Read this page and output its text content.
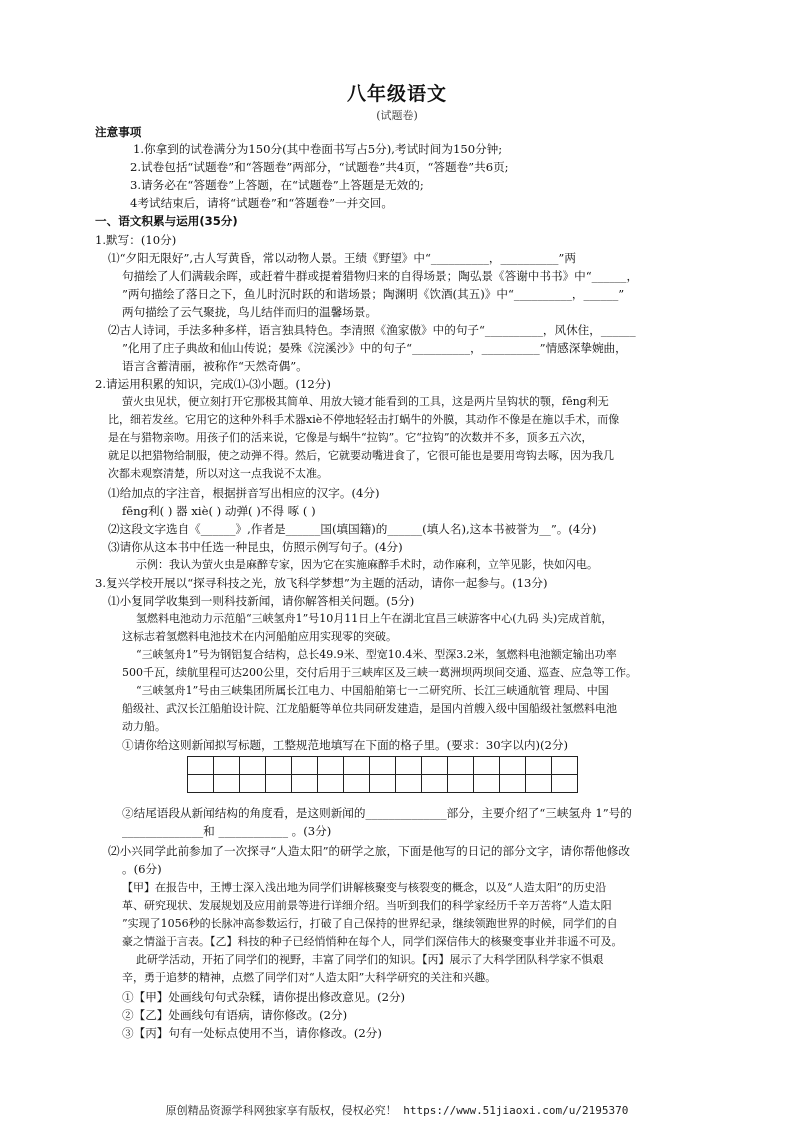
八年级语文
(试题卷)
注意事项
1.你拿到的试卷满分为150分(其中卷面书写占5分),考试时间为150分钟;
2.试卷包括“试题卷”和“答题卷”两部分，“试题卷”共4页，“答题卷”共6页;
3.请务必在“答题卷”上答题，在“试题卷”上答题是无效的;
4考试结束后，请将“试题卷”和“答题卷”一并交回。
一、语文积累与运用(35分)
1.默写：(10分)
⑴“夕阳无限好”,古人写黄昏，常以动物人景。王绩《野望》中“__________，__________”两
句描绘了人们满载余晖，或赶着牛群或提着猎物归来的自得场景；陶弘景《答谢中书书》中“______，
”两句描绘了落日之下，鱼儿时沉时跃的和谐场景；陶渊明《饮酒(其五)》中“__________，______”
两句描绘了云气聚拢，鸟儿结伴而归的温馨场景。
⑵古人诗词，手法多种多样，语言独具特色。李清照《渔家傲》中的句子“__________，风休住，______
”化用了庄子典故和仙山传说；晏殊《浣溪沙》中的句子“__________，__________”情感深挚婉曲，
语言含蓄清丽，被称作“天然奇偶”。
2.请运用积累的知识，完成⑴-⑶小题。(12分)
萤火虫见状，便立刻打开它那极其简单、用放大镜才能看到的工具，这是两片呈钩状的颚，fēng利无
比，细若发丝。它用它的这种外科手术器xiè不停地轻轻击打蜗牛的外膜，其动作不像是在施以手术，而像
是在与猎物亲吻。用孩子们的活来说，它像是与蜗牛“拉钩”。它“拉钩”的次数并不多，顶多五六次，
就足以把猎物给制服，使之动弹不得。然后，它就要动嘴进食了，它很可能也是要用弯钩去啄，因为我几
次都未观察清楚，所以对这一点我说不太准。
⑴给加点的字注音，根据拼音写出相应的汉字。(4分)
fēng利( ) 器 xiè( ) 动弹( )不得 啄 ( )
⑵这段文字选自《______》,作者是______国(填国籍)的______(填人名),这本书被誉为__”。(4分)
⑶请你从这本书中任选一种昆虫，仿照示例写句子。(4分)
示例：我认为萤火虫是麻醉专家，因为它在实施麻醉手术时，动作麻利，立竿见影，快如闪电。
3.复兴学校开展以“探寻科技之光，放飞科学梦想”为主题的活动，请你一起参与。(13分)
⑴小复同学收集到一则科技新闻，请你解答相关问题。(5分)
氢燃料电池动力示范船“三峡氢舟1”号10月11日上午在湖北宜昌三峡游客中心(九码 头)完成首航，
这标志着氢燃料电池技术在内河船舶应用实现零的突破。
“三峡氢舟1”号为钢铝复合结构，总长49.9米、型宽10.4米、型深3.2米，氢燃料电池额定输出功率
500千瓦，续航里程可达200公里，交付后用于三峡库区及三峡一葛洲坝两坝间交通、巡查、应急等工作。
“三峡氢舟1”号由三峡集团所属长江电力、中国船舶第七一二研究所、长江三峡通航管 理局、中国
船级社、武汉长江船舶设计院、江龙船艇等单位共同研发建造，是国内首艘入级中国船级社氢燃料电池
动力船。
①请你给这则新闻拟写标题，工整规范地填写在下面的格子里。(要求：30字以内)(2分)

②结尾语段从新闻结构的角度看，是这则新闻的______________部分，主要介绍了“三峡氢舟 1”号的
______________和 ____________ 。(3分)
⑵小兴同学此前参加了一次探寻“人造太阳”的研学之旅，下面是他写的日记的部分文字，请你帮他修改
。(6分)
【甲】在报告中，王博士深入浅出地为同学们讲解核聚变与核裂变的概念，以及“人造太阳”的历史沿
革、研究现状、发展规划及应用前景等进行详细介绍。当听到我们的科学家经历千辛万苦将“人造太阳
”实现了1056秒的长脉冲高参数运行，打破了自己保持的世界纪录，继续领跑世界的时候，同学们的自
豪之情溢于言表。【乙】科技的种子已经悄悄种在每个人，同学们深信伟大的核聚变事业并非遥不可及。
此研学活动，开拓了同学们的视野，丰富了同学们的知识。【丙】展示了大科学团队科学家不惧艰
辛，勇于追梦的精神，点燃了同学们对“人造太阳”大科学研究的关注和兴趣。
①【甲】处画线句句式杂糅，请你提出修改意见。(2分)
②【乙】处画线句有语病，请你修改。(2分)
③【丙】句有一处标点使用不当，请你修改。(2分)
原创精品资源学科网独家享有版权，侵权必究！ https://www.51jiaoxi.com/u/2195370
